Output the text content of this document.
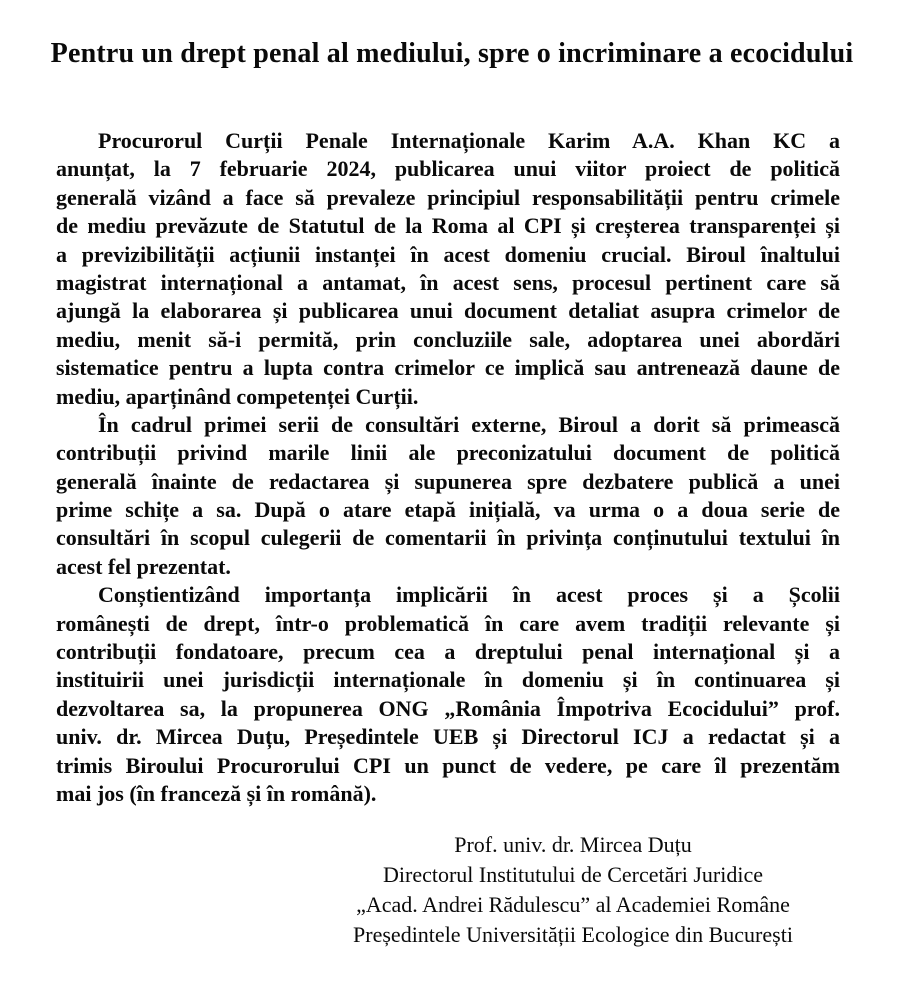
Pentru un drept penal al mediului, spre o incriminare a ecocidului
Procurorul Curții Penale Internaționale Karim A.A. Khan KC a
anunțat, la 7 februarie 2024, publicarea unui viitor proiect de politică
generală vizând a face să prevaleze principiul responsabilității pentru crimele
de mediu prevăzute de Statutul de la Roma al CPI și creșterea transparenței și
a previzibilității acțiunii instanței în acest domeniu crucial. Biroul înaltului
magistrat internațional a antamat, în acest sens, procesul pertinent care să
ajungă la elaborarea și publicarea unui document detaliat asupra crimelor de
mediu, menit să-i permită, prin concluziile sale, adoptarea unei abordări
sistematice pentru a lupta contra crimelor ce implică sau antrenează daune de
mediu, aparținând competenței Curții.
În cadrul primei serii de consultări externe, Biroul a dorit să primească
contribuții privind marile linii ale preconizatului document de politică
generală înainte de redactarea și supunerea spre dezbatere publică a unei
prime schițe a sa. După o atare etapă inițială, va urma o a doua serie de
consultări în scopul culegerii de comentarii în privința conținutului textului în
acest fel prezentat.
Conștientizând importanța implicării în acest proces și a Școlii
românești de drept, într-o problematică în care avem tradiții relevante și
contribuții fondatoare, precum cea a dreptului penal internațional și a
instituirii unei jurisdicții internaționale în domeniu și în continuarea și
dezvoltarea sa, la propunerea ONG „România Împotriva Ecocidului” prof.
univ. dr. Mircea Duțu, Președintele UEB și Directorul ICJ a redactat și a
trimis Biroului Procurorului CPI un punct de vedere, pe care îl prezentăm
mai jos (în franceză și în română).
Prof. univ. dr. Mircea Duțu
Directorul Institutului de Cercetări Juridice
„Acad. Andrei Rădulescu” al Academiei Române
Președintele Universității Ecologice din București
